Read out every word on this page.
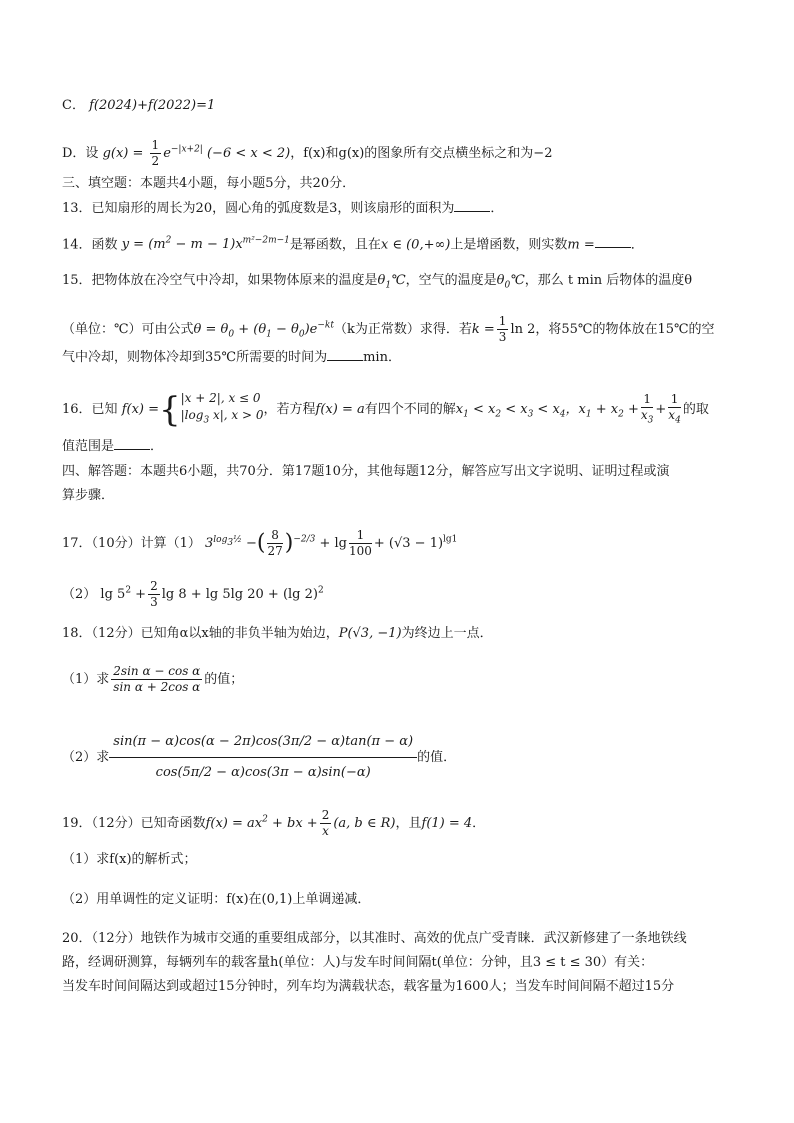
C． f(2024)+f(2022)=1
D．设 $g(x) = \frac{1}{2} e^{-|x+2|}$ (−6 < x < 2)，f(x)和g(x)的图象所有交点横坐标之和为−2
三、填空题：本题共4小题，每小题5分，共20分．
13．已知扇形的周长为20，圆心角的弧度数是3，则该扇形的面积为	．
14．函数 $y = (m^2 - m - 1)x^{m^2-2m-1}$是幂函数，且在x ∈ (0,+∞)上是增函数，则实数m =	．
15．把物体放在冷空气中冷却，如果物体原来的温度是$\theta_1℃$，空气的温度是$\theta_0℃$，那么 t min 后物体的温度θ
（单位：℃）可由公式$\theta = \theta_0 + (\theta_1 - \theta_0)e^{-kt}(k$为正常数）求得．若$k = \frac{1}{3}$ ln 2，将55℃的物体放在15℃的空
气中冷却，则物体冷却到35℃所需要的时间为	min．
16．已知 f(x) ={ |x + 2|, x ≤ 0
$|\log_3$ x|, x > 0 ，若方程f(x) = a有四个不同的解$x_1 < x_2 < x_3 < x_4$，$x_1 + x_2 + \frac{1}{x_3} + \frac{1}{x_4}$ 的取
值范围是	．
四、解答题：本题共6小题，共70分．第17题10分，其他每题12分，解答应写出文字说明、证明过程或演
算步骤．
17．（10分）计算（1） $3^{log_3\frac{1}{2}}$ −( $\frac{8}{27} )^{-2/3} + \lg \frac{1}{100} + (√3 - 1)^{lg1}$
（2） $\lg 5^2 + \frac{2}{3}$ lg 8 + lg 5lg 20 + (lg 2)$^2$
18．（12分）已知角α以x轴的非负半轴为始边，P(√3, −1)为终边上一点．
（1）求 $\frac{\text{2sin α − cos α}}{\text{sin α + 2cos α}}$ 的值；
（2）求 $\frac{\sin(\pi - \alpha)\cos(\alpha - 2\pi)\cos(3\pi/2 - \alpha)\tan(\pi - \alpha)}{\cos(5\pi/2 - \alpha)\cos(3\pi - \alpha)\sin(-\alpha)}$ 的值．
19．（12分）已知奇函数$f(x) = ax^2$ + bx + $\frac{2}{x} (a$, b ∈ R)，且f(1) = 4．
（1）求f(x)的解析式；
（2）用单调性的定义证明：f(x)在(0,1)上单调递减．
20．（12分）地铁作为城市交通的重要组成部分，以其准时、高效的优点广受青睐．武汉新修建了一条地铁线
路，经调研测算，每辆列车的载客量h(单位：人)与发车时间间隔t(单位：分钟，且3 ≤ t ≤ 30）有关：
当发车时间间隔达到或超过15分钟时，列车均为满载状态，载客量为1600人；当发车时间间隔不超过15分
